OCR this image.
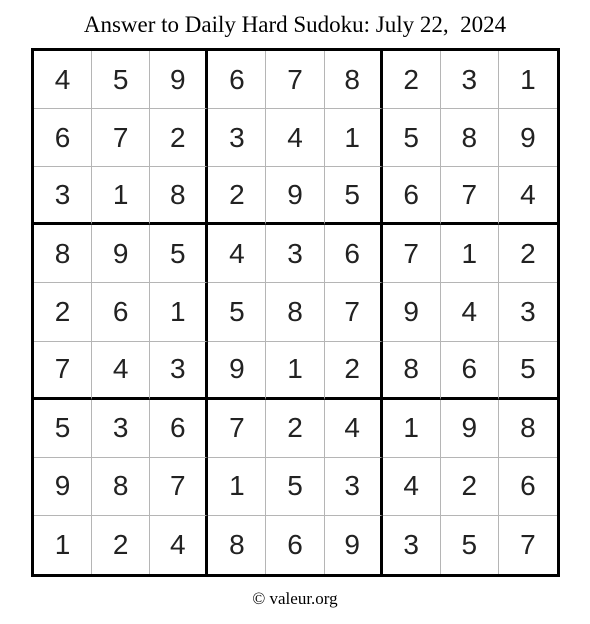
Answer to Daily Hard Sudoku: July 22,  2024
4	5	9	6	7	8	2	3	1
6	7	2	3	4	1	5	8	9
3	1	8	2	9	5	6	7	4
8	9	5	4	3	6	7	1	2
2	6	1	5	8	7	9	4	3
7	4	3	9	1	2	8	6	5
5	3	6	7	2	4	1	9	8
9	8	7	1	5	3	4	2	6
1	2	4	8	6	9	3	5	7
© valeur.org
